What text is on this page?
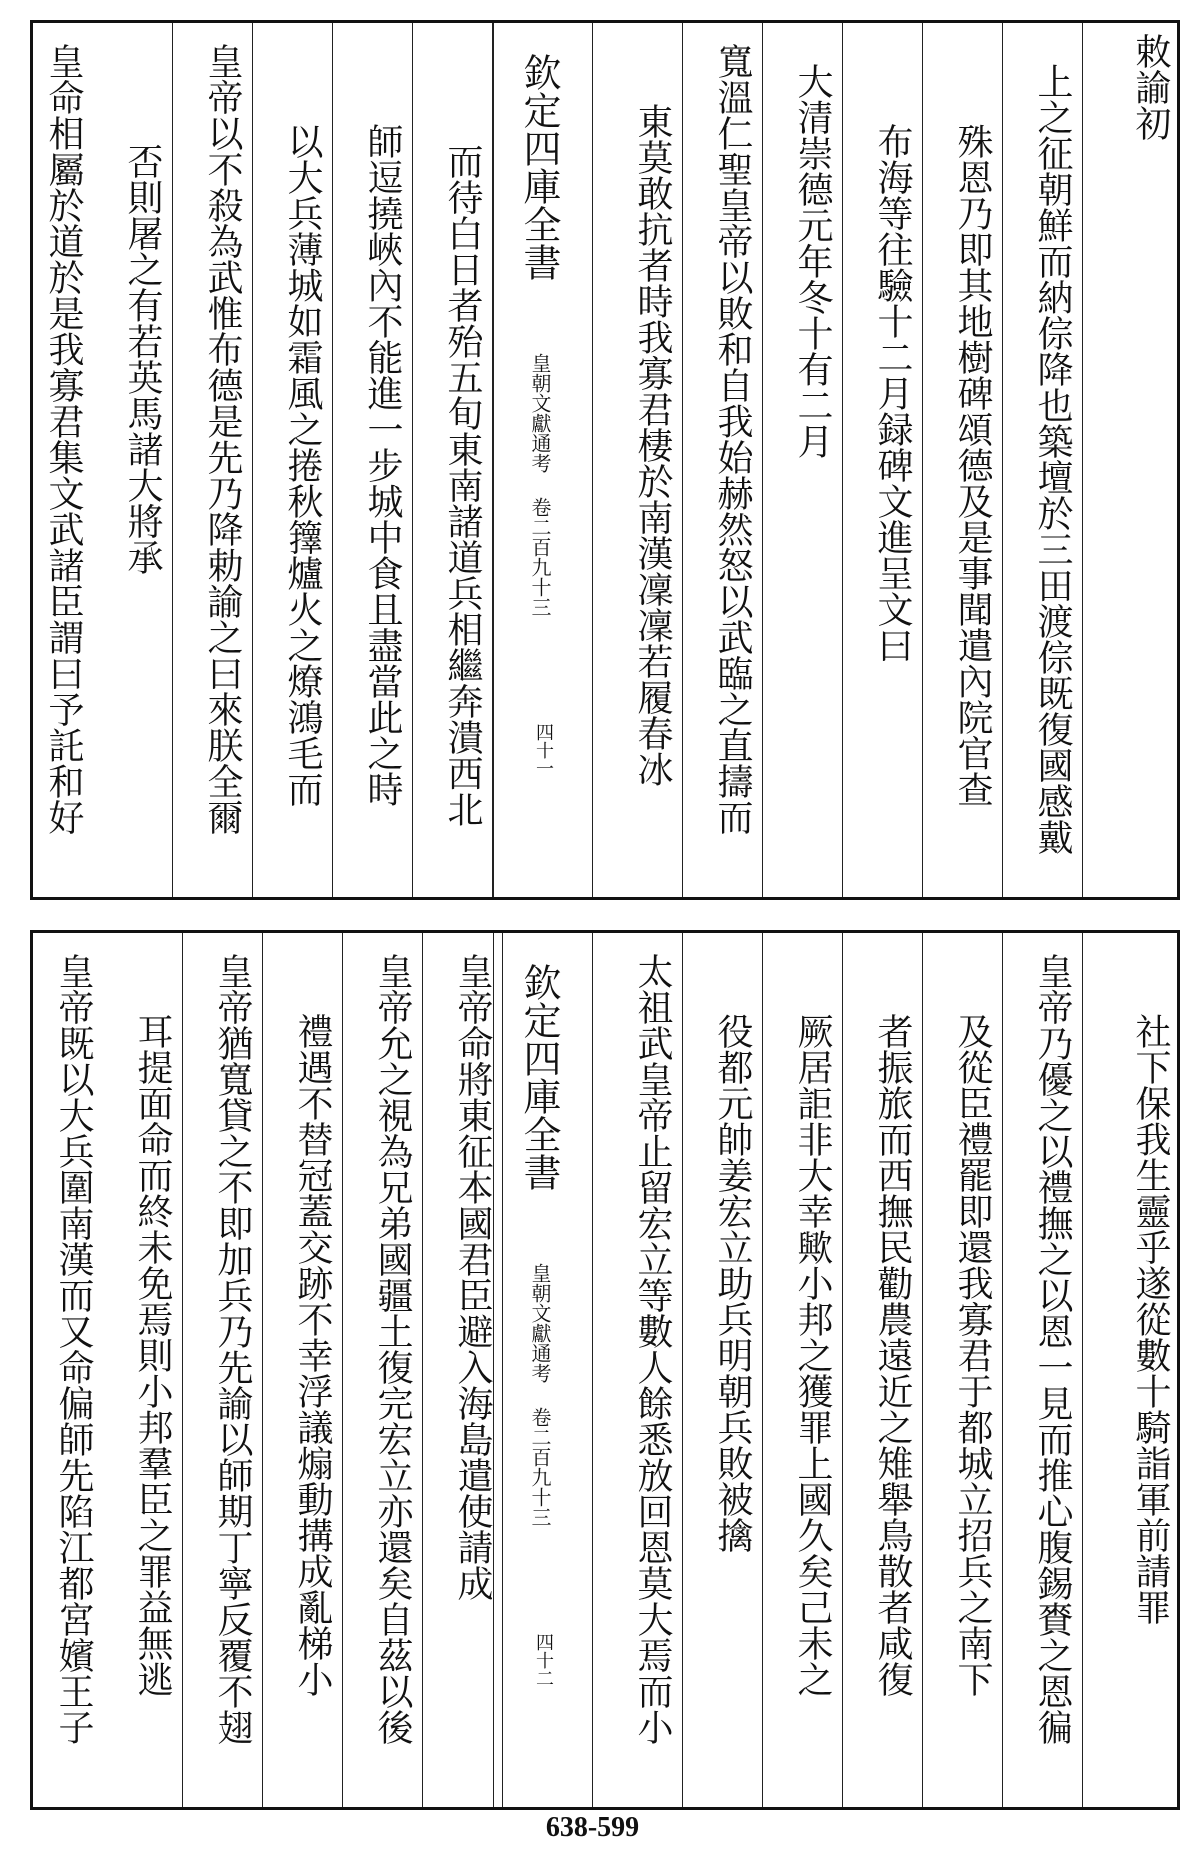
敕諭初
上之征朝鮮而納倧降也築壇於三田渡倧既復國感戴
殊恩乃即其地樹碑頌德及是事聞遣內院官查
布海等往驗十二月録碑文進呈文曰
大清崇德元年冬十有二月
寬溫仁聖皇帝以敗和自我始赫然怒以武臨之直擣而
東莫敢抗者時我寡君棲於南漢凜凜若履春冰
欽定四庫全書
皇朝文獻通考 卷二百九十三
四十一
而待白日者殆五旬東南諸道兵相繼奔潰西北
師逗撓峽內不能進一步城中食且盡當此之時
以大兵薄城如霜風之捲秋籜爐火之燎鴻毛而
皇帝以不殺為武惟布德是先乃降勅諭之曰來朕全爾
否則屠之有若英馬諸大將承
皇命相屬於道於是我寡君集文武諸臣謂曰予託和好
社下保我生靈乎遂從數十騎詣軍前請罪
皇帝乃優之以禮撫之以恩一見而推心腹錫賚之恩徧
及從臣禮罷即還我寡君于都城立招兵之南下
者振旅而西撫民勸農遠近之雉舉鳥散者咸復
厥居詎非大幸歟小邦之獲罪上國久矣己未之
役都元帥姜宏立助兵明朝兵敗被擒
太祖武皇帝止留宏立等數人餘悉放回恩莫大焉而小
欽定四庫全書
皇朝文獻通考 卷二百九十三
四十二
皇帝命將東征本國君臣避入海島遣使請成
皇帝允之視為兄弟國疆土復完宏立亦還矣自茲以後
禮遇不替冠蓋交跡不幸浮議煽動搆成亂梯小
皇帝猶寬貸之不即加兵乃先諭以師期丁寧反覆不翅
耳提面命而終未免焉則小邦羣臣之罪益無逃
皇帝既以大兵圍南漢而又命偏師先陷江都宮嬪王子
638-599
